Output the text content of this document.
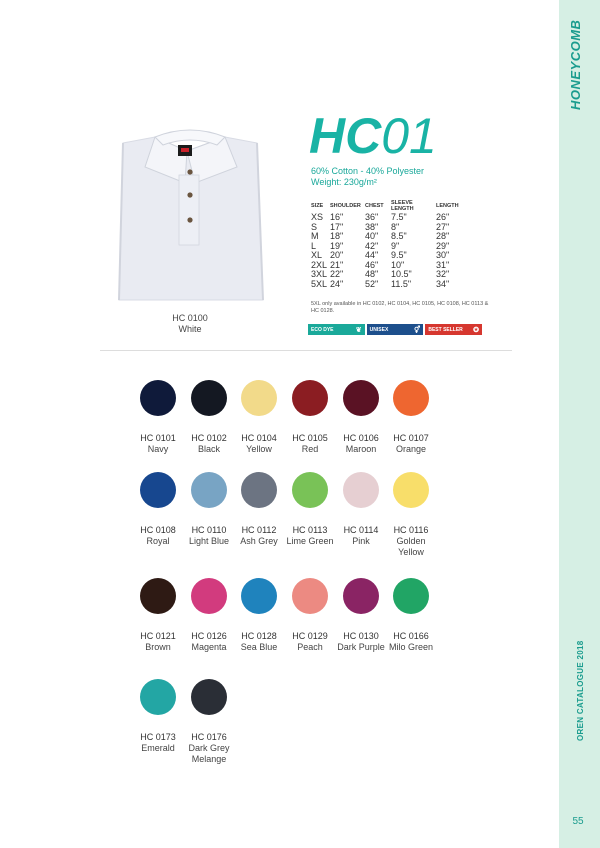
HONEYCOMB
OREN CATALOGUE 2018
55
HC 0100
White
HC01
60% Cotton - 40% Polyester
Weight: 230g/m²
SIZE	SHOULDER	CHEST	SLEEVE LENGTH	LENGTH
XS	16"	36"	7.5"	26"
S	17"	38"	8"	27"
M	18"	40"	8.5"	28"
L	19"	42"	9"	29"
XL	20"	44"	9.5"	30"
2XL	21"	46"	10"	31"
3XL	22"	48"	10.5"	32"
5XL	24"	52"	11.5"	34"
5XL only available in HC 0102, HC 0104, HC 0105, HC 0108, HC 0113 & HC 0128.
ECO DYE	❦ UNISEX	⚥ BEST SELLER ✪
HC 0101
Navy
HC 0102
Black
HC 0104
Yellow
HC 0105
Red
HC 0106
Maroon
HC 0107
Orange
HC 0108
Royal
HC 0110
Light Blue
HC 0112
Ash Grey
HC 0113
Lime Green
HC 0114
Pink
HC 0116
Golden Yellow
HC 0121
Brown
HC 0126
Magenta
HC 0128
Sea Blue
HC 0129
Peach
HC 0130
Dark Purple
HC 0166
Milo Green
HC 0173
Emerald
HC 0176
Dark Grey Melange
